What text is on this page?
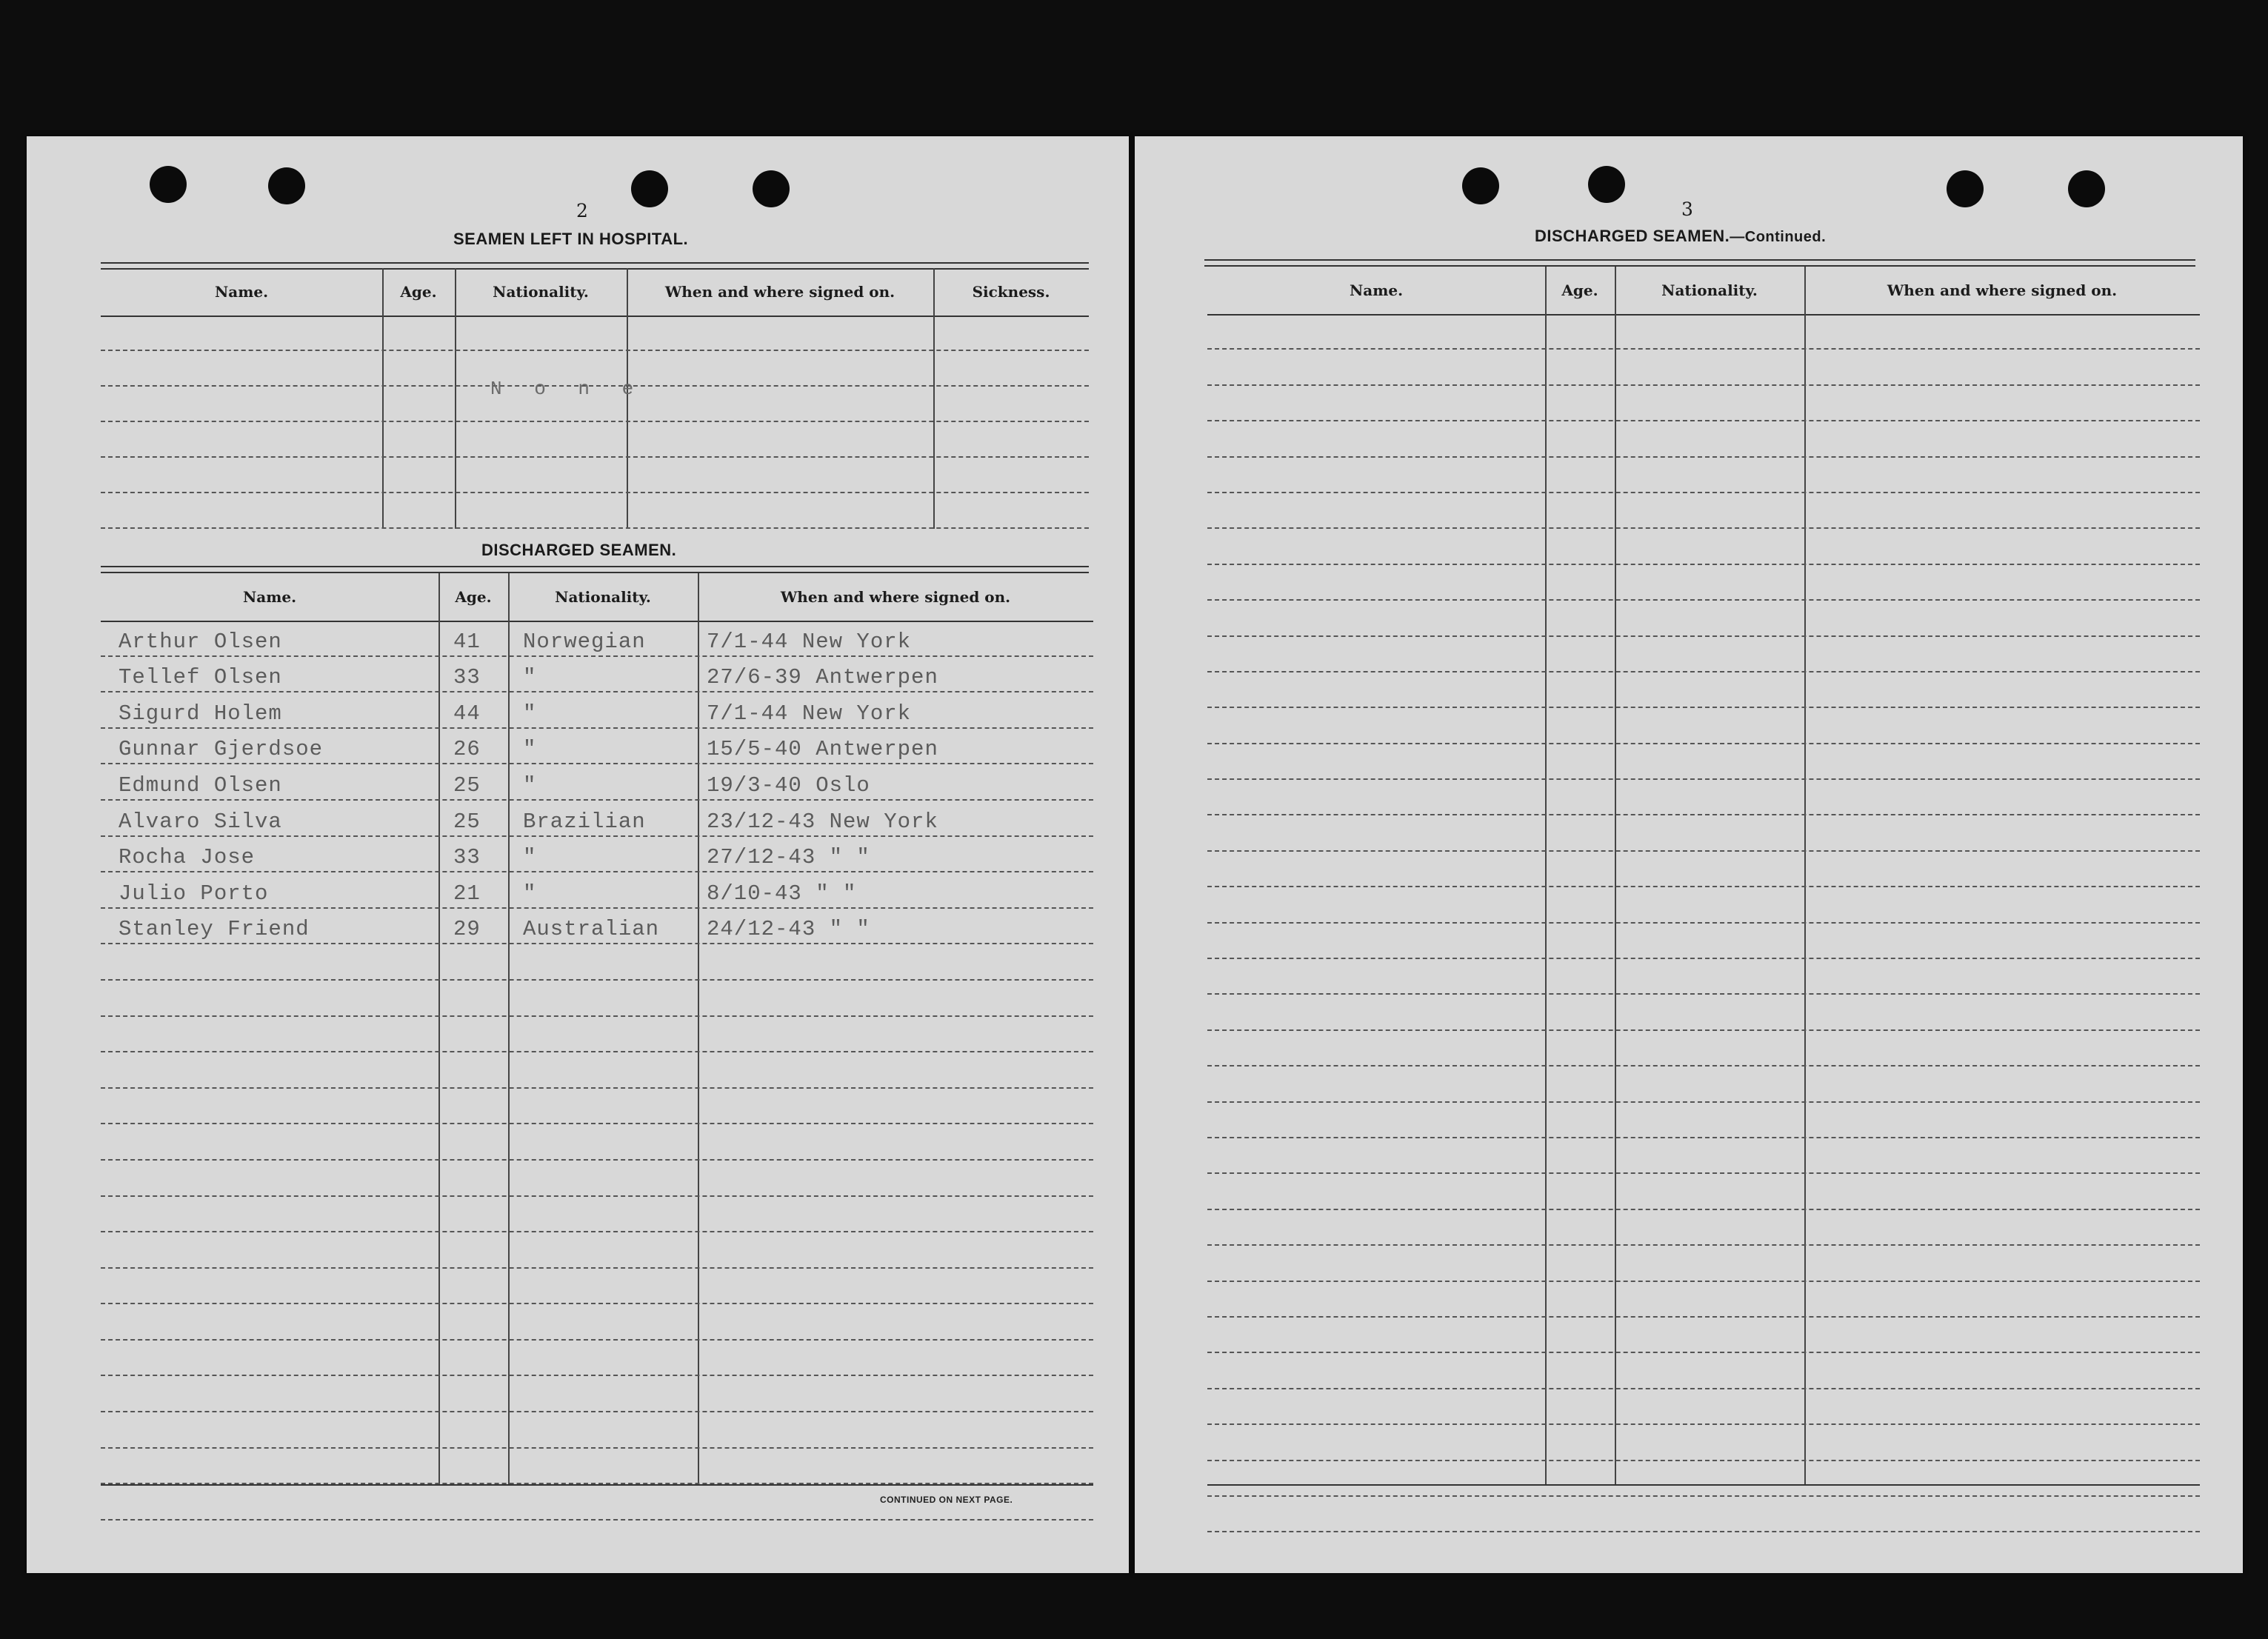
2
SEAMEN LEFT IN HOSPITAL.
Name.	Age.	Nationality.	When and where signed on.	Sickness.
N o n e
DISCHARGED SEAMEN.
Name.	Age.	Nationality.	When and where signed on.
Arthur Olsen	41 Norwegian	7/1-44 New York
Tellef Olsen	33 "	27/6-39 Antwerpen
Sigurd Holem	44 "	7/1-44 New York
Gunnar Gjerdsoe	26 "	15/5-40 Antwerpen
Edmund Olsen	25 "	19/3-40 Oslo
Alvaro Silva	25 Brazilian	23/12-43 New York
Rocha Jose	33 "	27/12-43 " "
Julio Porto	21 "	8/10-43 " "
Stanley Friend	29 Australian 24/12-43 " "
CONTINUED ON NEXT PAGE.
3
DISCHARGED SEAMEN.—Continued.
Name.	Age.	Nationality.	When and where signed on.
